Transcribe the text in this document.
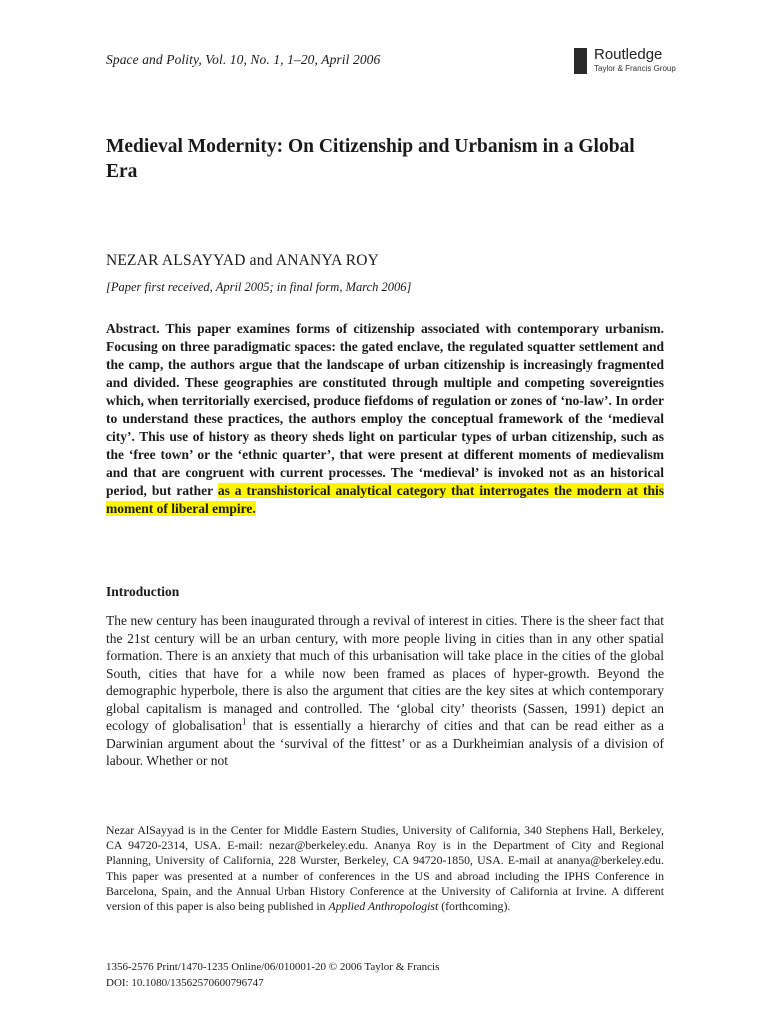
Space and Polity, Vol. 10, No. 1, 1–20, April 2006	Routledge
Taylor & Francis Group
Medieval Modernity: On Citizenship and Urbanism in a Global Era
NEZAR ALSAYYAD and ANANYA ROY
[Paper first received, April 2005; in final form, March 2006]
Abstract. This paper examines forms of citizenship associated with contemporary urbanism. Focusing on three paradigmatic spaces: the gated enclave, the regulated squatter settlement and the camp, the authors argue that the landscape of urban citizenship is increasingly fragmented and divided. These geographies are constituted through multiple and competing sovereignties which, when territorially exercised, produce fiefdoms of regulation or zones of ‘no-law’. In order to understand these practices, the authors employ the conceptual framework of the ‘medieval city’. This use of history as theory sheds light on particular types of urban citizenship, such as the ‘free town’ or the ‘ethnic quarter’, that were present at different moments of medievalism and that are congruent with current processes. The ‘medieval’ is invoked not as an historical period, but rather as a transhistorical analytical category that interrogates the modern at this moment of liberal empire.
Introduction
The new century has been inaugurated through a revival of interest in cities. There is the sheer fact that the 21st century will be an urban century, with more people living in cities than in any other spatial formation. There is an anxiety that much of this urbanisation will take place in the cities of the global South, cities that have for a while now been framed as places of hyper-growth. Beyond the demographic hyperbole, there is also the argument that cities are the key sites at which contemporary global capitalism is managed and controlled. The ‘global city’ theorists (Sassen, 1991) depict an ecology of globalisation$^1$ that is essentially a hierarchy of cities and that can be read either as a Darwinian argument about the ‘survival of the fittest’ or as a Durkheimian analysis of a division of labour. Whether or not
Nezar AlSayyad is in the Center for Middle Eastern Studies, University of California, 340 Stephens Hall, Berkeley, CA 94720-2314, USA. E-mail: nezar@berkeley.edu. Ananya Roy is in the Department of City and Regional Planning, University of California, 228 Wurster, Berkeley, CA 94720-1850, USA. E-mail at ananya@berkeley.edu. This paper was presented at a number of conferences in the US and abroad including the IPHS Conference in Barcelona, Spain, and the Annual Urban History Conference at the University of California at Irvine. A different version of this paper is also being published in Applied Anthropologist (forthcoming).
1356-2576 Print/1470-1235 Online/06/010001-20 © 2006 Taylor & Francis
DOI: 10.1080/13562570600796747
